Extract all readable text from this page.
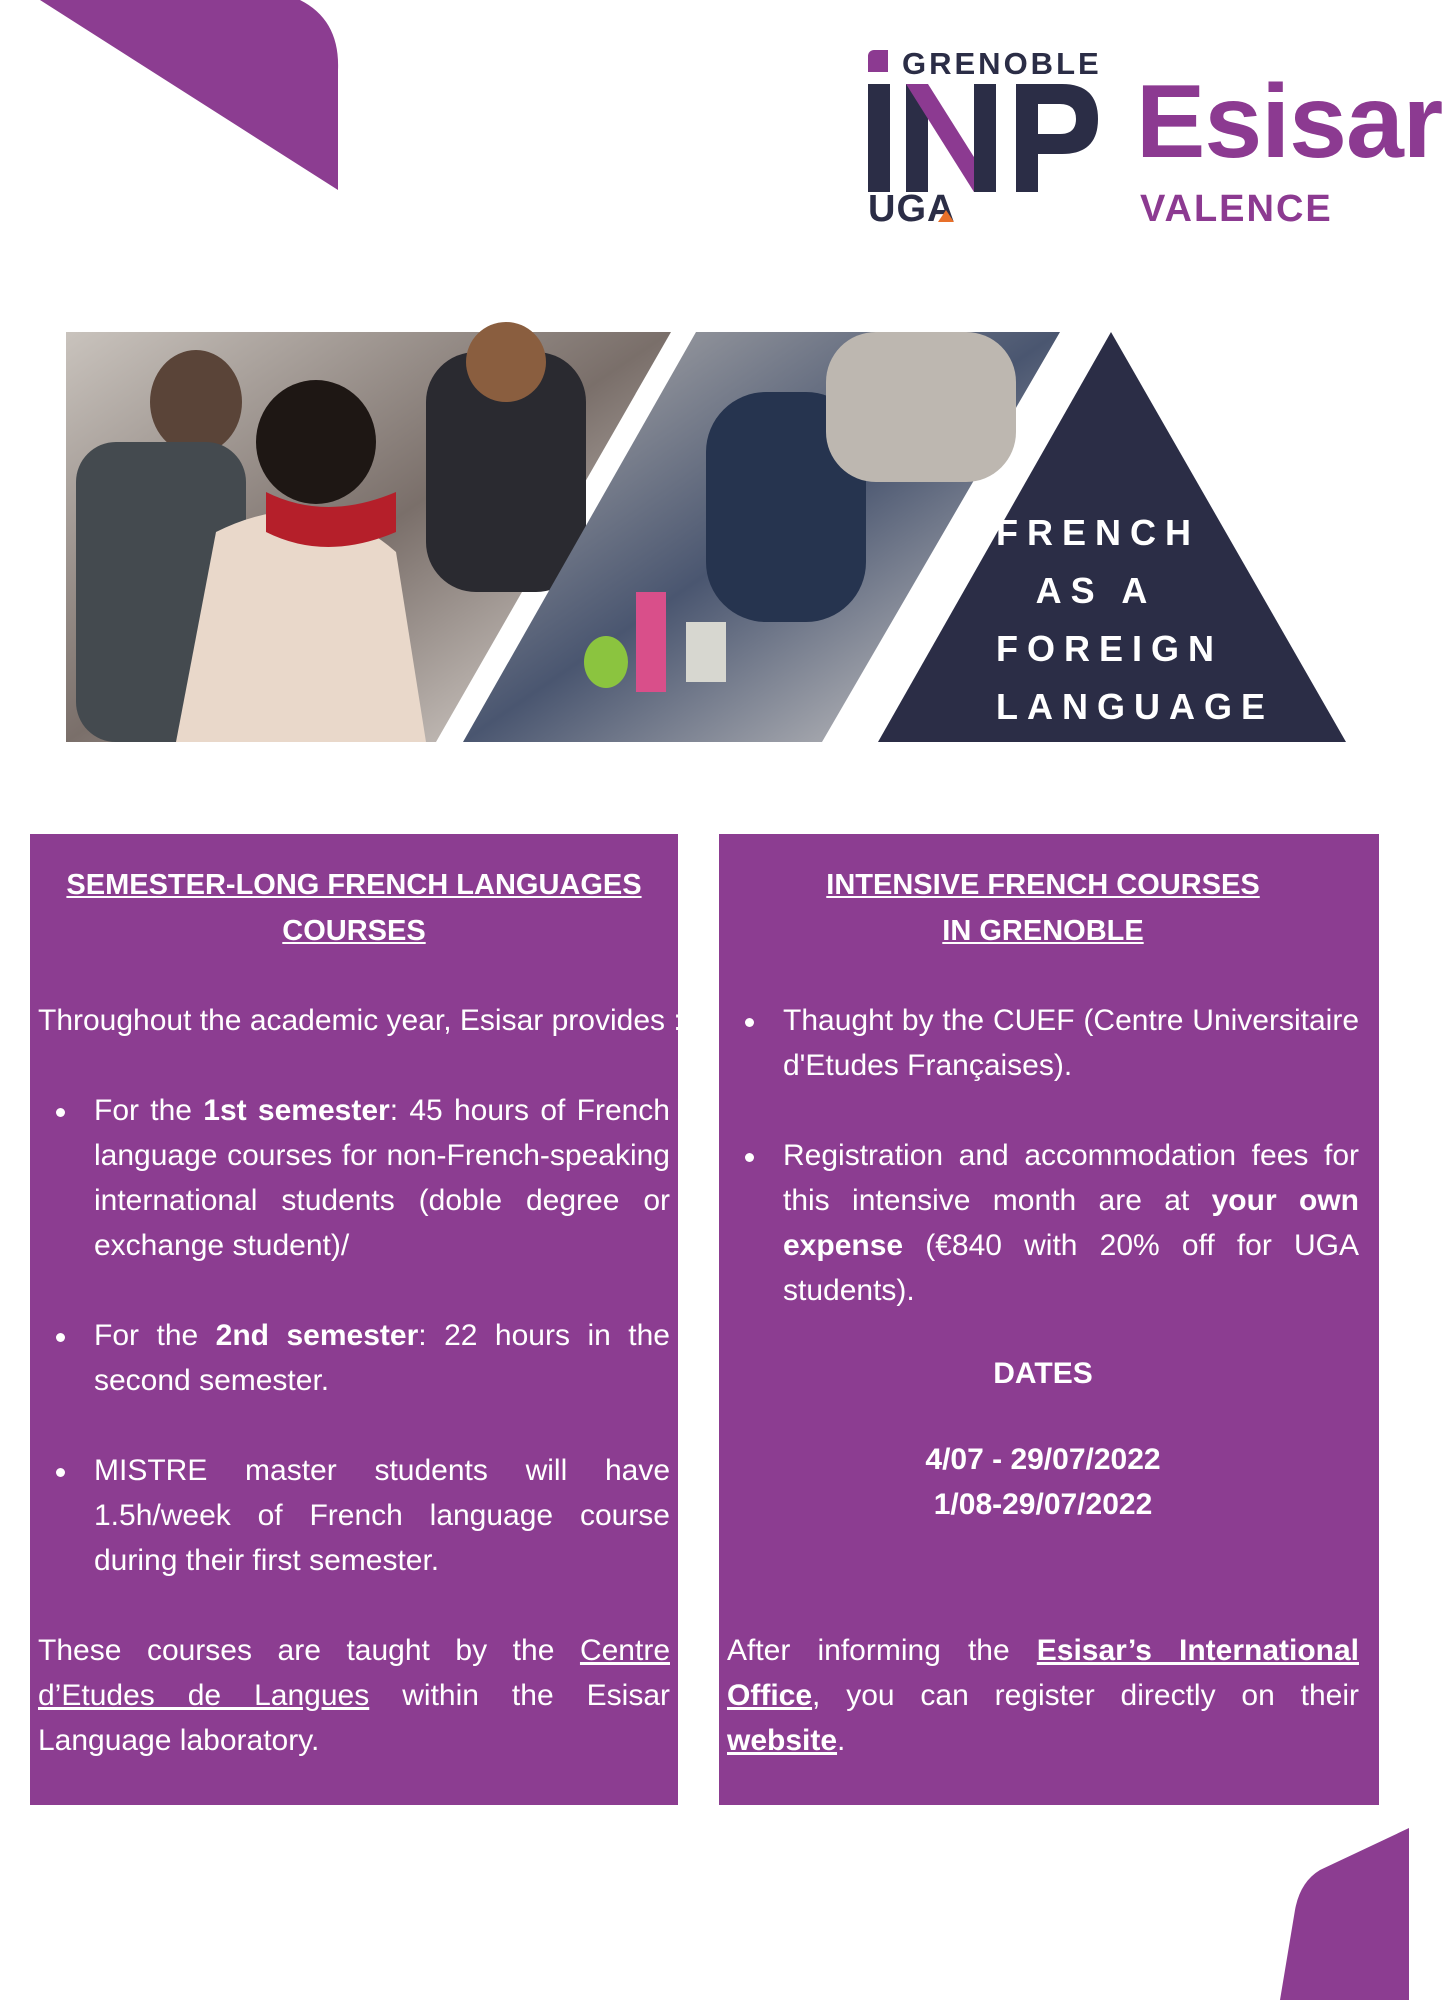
GRENOBLE
UGA
Esisar
VALENCE
FRENCH
AS A
FOREIGN
LANGUAGE
SEMESTER-LONG FRENCH LANGUAGES
COURSES

Throughout the academic year, Esisar provides :

For the 1st semester: 45 hours of French language courses for non-French-speaking international students (doble degree or exchange student)/
For the 2nd semester: 22 hours in the second semester.
MISTRE master students will have 1.5h/week of French language course during their first semester.

These courses are taught by the Centre d’Etudes de Langues within the Esisar Language laboratory.

INTENSIVE FRENCH COURSES
IN GRENOBLE
Thaught by the CUEF (Centre Universitaire d'Etudes Françaises).
Registration and accommodation fees for this intensive month are at your own expense (€840 with 20% off for UGA students).
DATES
4/07 - 29/07/2022
1/08-29/07/2022

After informing the Esisar’s International Office, you can register directly on their website.
